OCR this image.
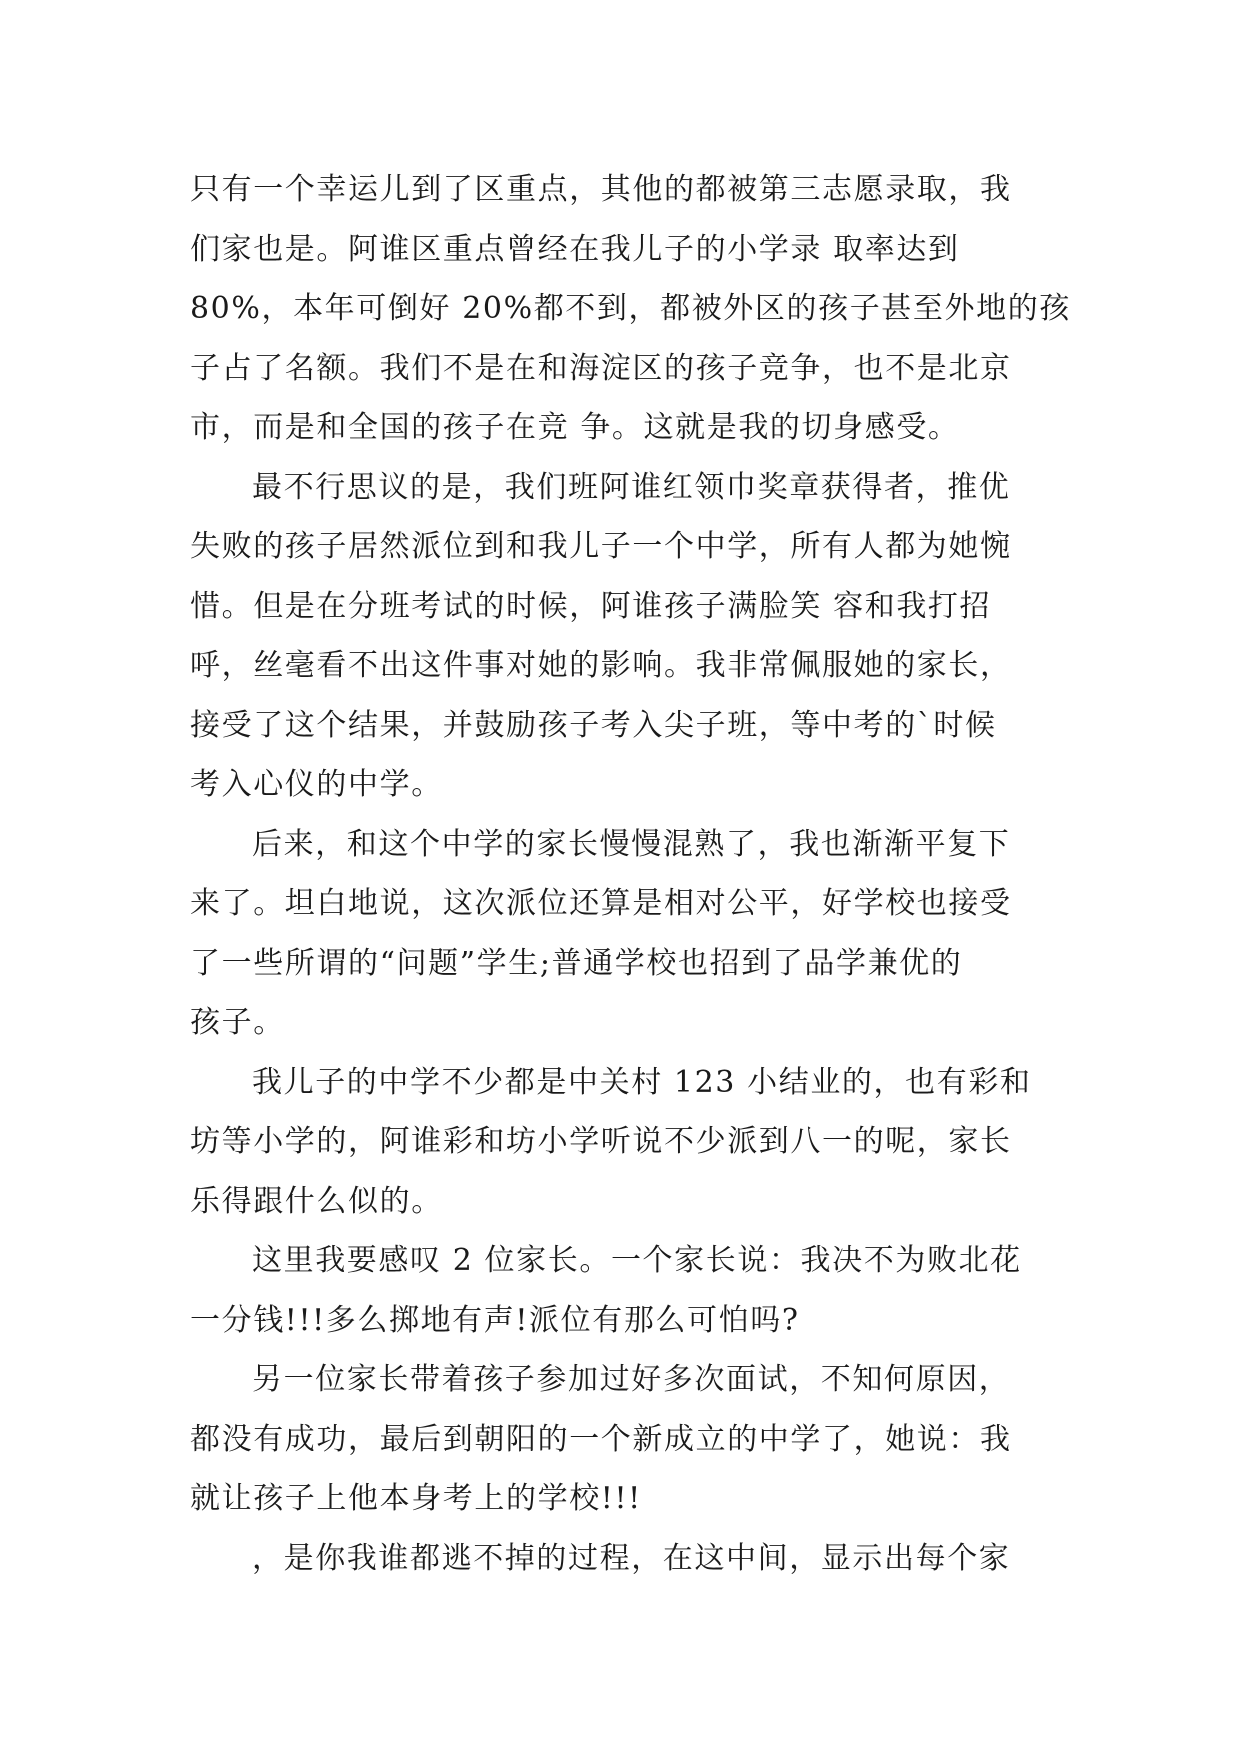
只有一个幸运儿到了区重点，其他的都被第三志愿录取，我
们家也是。阿谁区重点曾经在我儿子的小学录 取率达到
80%，本年可倒好 20%都不到，都被外区的孩子甚至外地的孩
子占了名额。我们不是在和海淀区的孩子竞争，也不是北京
市，而是和全国的孩子在竞 争。这就是我的切身感受。
最不行思议的是，我们班阿谁红领巾奖章获得者，推优
失败的孩子居然派位到和我儿子一个中学，所有人都为她惋
惜。但是在分班考试的时候，阿谁孩子满脸笑 容和我打招
呼，丝毫看不出这件事对她的影响。我非常佩服她的家长，
接受了这个结果，并鼓励孩子考入尖子班，等中考的`时候
考入心仪的中学。
后来，和这个中学的家长慢慢混熟了，我也渐渐平复下
来了。坦白地说，这次派位还算是相对公平，好学校也接受
了一些所谓的“问题”学生;普通学校也招到了品学兼优的
孩子。
我儿子的中学不少都是中关村 123 小结业的，也有彩和
坊等小学的，阿谁彩和坊小学听说不少派到八一的呢，家长
乐得跟什么似的。
这里我要感叹 2 位家长。一个家长说：我决不为败北花
一分钱!!!多么掷地有声!派位有那么可怕吗?
另一位家长带着孩子参加过好多次面试，不知何原因，
都没有成功，最后到朝阳的一个新成立的中学了，她说：我
就让孩子上他本身考上的学校!!!
，是你我谁都逃不掉的过程，在这中间，显示出每个家
